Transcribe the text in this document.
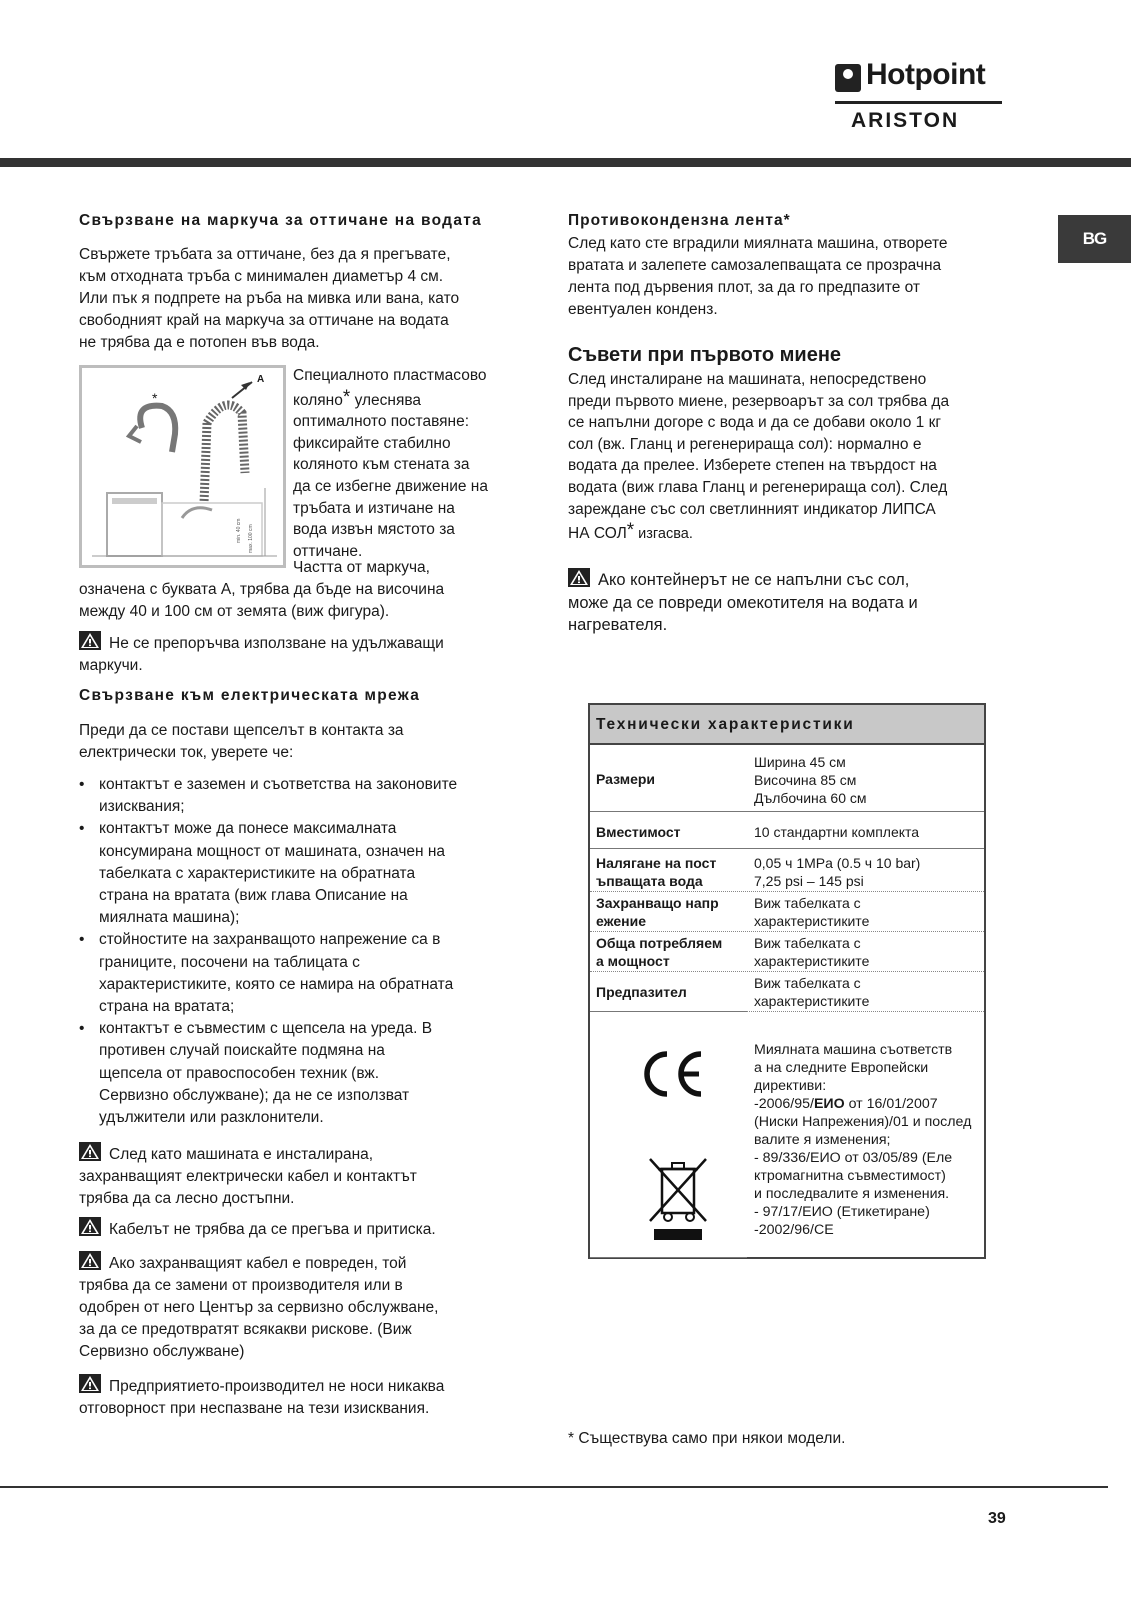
Hotpoint
ARISTON
BG
Свързване на маркуча за оттичане на водата
Свържете тръбата за оттичане, без да я прегъвате,
към отходната тръба с минимален диаметър 4 см.
Или пък я подпрете на ръба на мивка или вана, като
свободният край на маркуча за оттичане на водата
не трябва да е потопен във вода.
A
*
min. 40 cm max. 100 cm
Специалното пластмасово
коляно* улеснява
оптималното поставяне:
фиксирайте стабилно
коляното към стената за
да се избегне движение на
тръбата и изтичане на
вода извън мястото за
оттичане.
Частта от маркуча,
означена с буквата А, трябва да бъде на височина
между 40 и 100 см от земята (виж фигура).
Не се препоръчва използване на удължаващи
маркучи.
Свързване към електрическата мрежа
Преди да се постави щепселът в контакта за
електрически ток, уверете че:
• контактът е заземен и съответства на законовите
изисквания;
• контактът може да понесе максималната
консумирана мощност от машината, означен на
табелката с характеристиките на обратната
страна на вратата (виж глава Описание на
миялната машина);
• стойностите на захранващото напрежение са в
границите, посочени на таблицата с
характеристиките, която се намира на обратната
страна на вратата;
• контактът е съвместим с щепсела на уреда. В
противен случай поискайте подмяна на
щепсела от правоспособен техник (вж.
Сервизно обслужване); да не се използват
удължители или разклонители.
След като машината е инсталирана,
захранващият електрически кабел и контактът
трябва да са лесно достъпни.
Кабелът не трябва да се прегъва и притиска.
Ако захранващият кабел е повреден, той
трябва да се замени от производителя или в
одобрен от него Център за сервизно обслужване,
за да се предотвратят всякакви рискове. (Виж
Сервизно обслужване)
Предприятието-производител не носи никаква
отговорност при неспазване на тези изисквания.
Противокондензна лента*
След като сте вградили миялната машина, отворете
вратата и залепете самозалепващата се прозрачна
лента под дървения плот, за да го предпазите от
евентуален конденз.
Съвети при първото миене
След инсталиране на машината, непосредствено
преди първото миене, резервоарът за сол трябва да
се напълни догоре с вода и да се добави около 1 кг
сол (вж. Гланц и регенерираща сол): нормално е
водата да прелее. Изберете степен на твърдост на
водата (виж глава Гланц и регенерираща сол). След
зареждане със сол светлинният индикатор ЛИПСА
НА СОЛ* изгасва.
Ако контейнерът не се напълни със сол,
може да се повреди омекотителя на водата и
нагревателя.
Технически характеристики
Размери
Ширина 45 см
Височина 85 см
Дълбочина 60 см
Вместимост	10 стандартни комплекта
Налягане на пост
ъпващата вода
0,05 ч 1MPa (0.5 ч 10 bar)
7,25 psi – 145 psi
Захранващо напр
ежение
Виж табелката с
характеристиките
Обща потребляем
а мощност
Виж табелката с
характеристиките
Предпазител
Виж табелката с
характеристиките
Миялната машина съответств
а на следните Европейски
директиви:
-2006/95/ЕИО от 16/01/2007
(Ниски Напрежения)/01 и послед
валите я изменения;
- 89/336/ЕИО от 03/05/89 (Еле
ктромагнитна съвместимост)
и последвалите я изменения.
- 97/17/ЕИО (Етикетиране)
-2002/96/CE
* Съществува само при някои модели.
39
